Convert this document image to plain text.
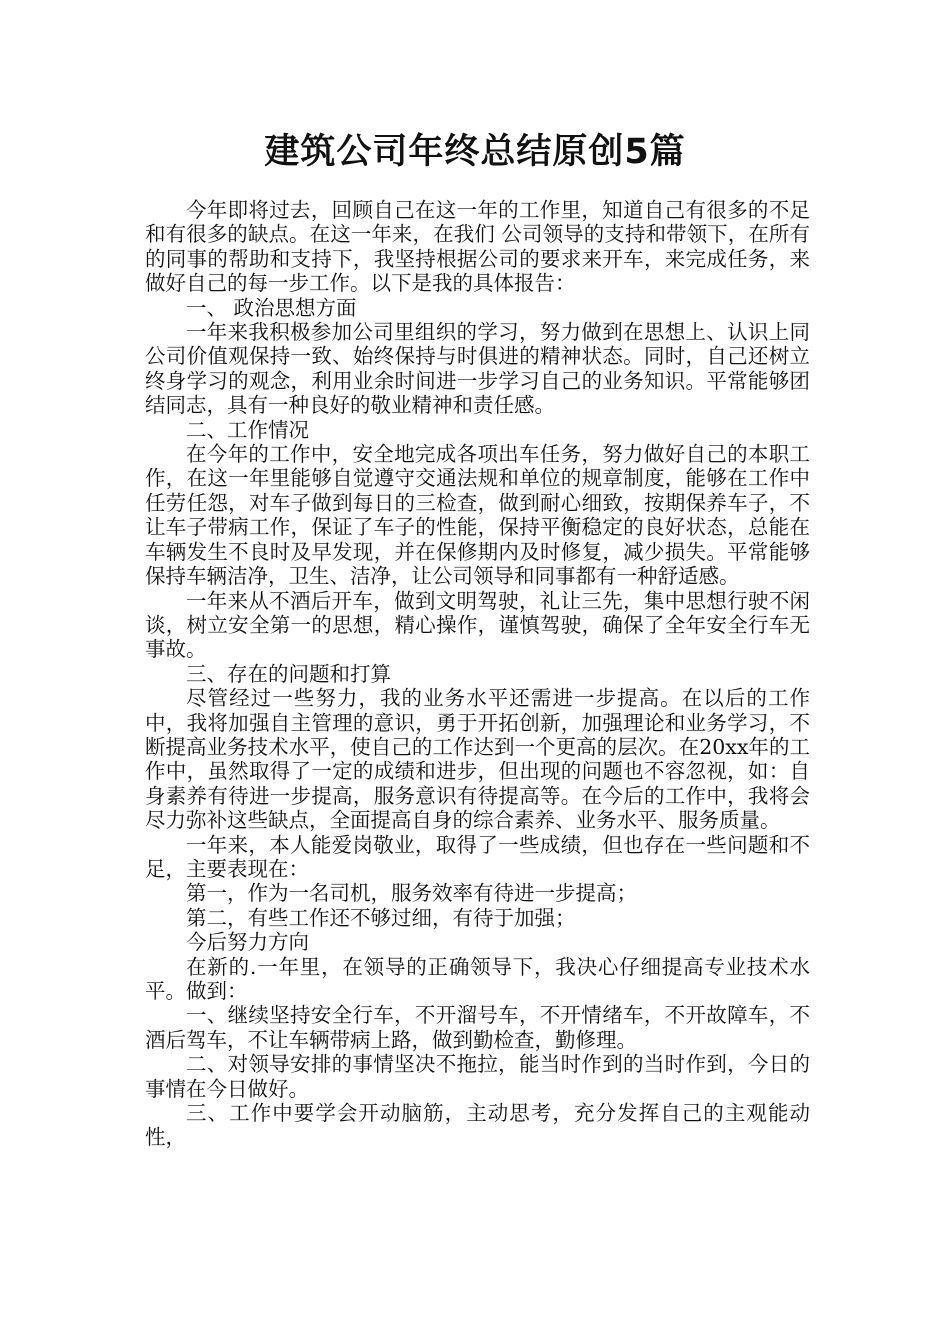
建筑公司年终总结原创5篇

今年即将过去，回顾自己在这一年的工作里，知道自己有很多的不足和有很多的缺点。在这一年来，在我们 公司领导的支持和带领下，在所有的同事的帮助和支持下，我坚持根据公司的要求来开车，来完成任务，来做好自己的每一步工作。以下是我的具体报告：

一、 政治思想方面

一年来我积极参加公司里组织的学习，努力做到在思想上、认识上同公司价值观保持一致、始终保持与时俱进的精神状态。同时，自己还树立终身学习的观念，利用业余时间进一步学习自己的业务知识。平常能够团结同志，具有一种良好的敬业精神和责任感。

二、工作情况

在今年的工作中，安全地完成各项出车任务，努力做好自己的本职工作，在这一年里能够自觉遵守交通法规和单位的规章制度，能够在工作中任劳任怨，对车子做到每日的三检查，做到耐心细致，按期保养车子，不让车子带病工作，保证了车子的性能，保持平衡稳定的良好状态，总能在车辆发生不良时及早发现，并在保修期内及时修复，减少损失。平常能够保持车辆洁净，卫生、洁净，让公司领导和同事都有一种舒适感。

一年来从不酒后开车，做到文明驾驶，礼让三先，集中思想行驶不闲谈，树立安全第一的思想，精心操作，谨慎驾驶，确保了全年安全行车无事故。

三、存在的问题和打算

尽管经过一些努力，我的业务水平还需进一步提高。在以后的工作中，我将加强自主管理的意识，勇于开拓创新，加强理论和业务学习，不断提高业务技术水平，使自己的工作达到一个更高的层次。在20xx年的工作中，虽然取得了一定的成绩和进步，但出现的问题也不容忽视，如：自身素养有待进一步提高，服务意识有待提高等。在今后的工作中，我将会尽力弥补这些缺点，全面提高自身的综合素养、业务水平、服务质量。

一年来，本人能爱岗敬业，取得了一些成绩，但也存在一些问题和不足，主要表现在：

第一，作为一名司机，服务效率有待进一步提高；

第二，有些工作还不够过细，有待于加强；

今后努力方向

在新的.一年里，在领导的正确领导下，我决心仔细提高专业技术水平。做到：

一、继续坚持安全行车，不开溜号车，不开情绪车，不开故障车，不酒后驾车，不让车辆带病上路，做到勤检查，勤修理。

二、对领导安排的事情坚决不拖拉，能当时作到的当时作到，今日的事情在今日做好。

三、工作中要学会开动脑筋，主动思考，充分发挥自己的主观能动性，
